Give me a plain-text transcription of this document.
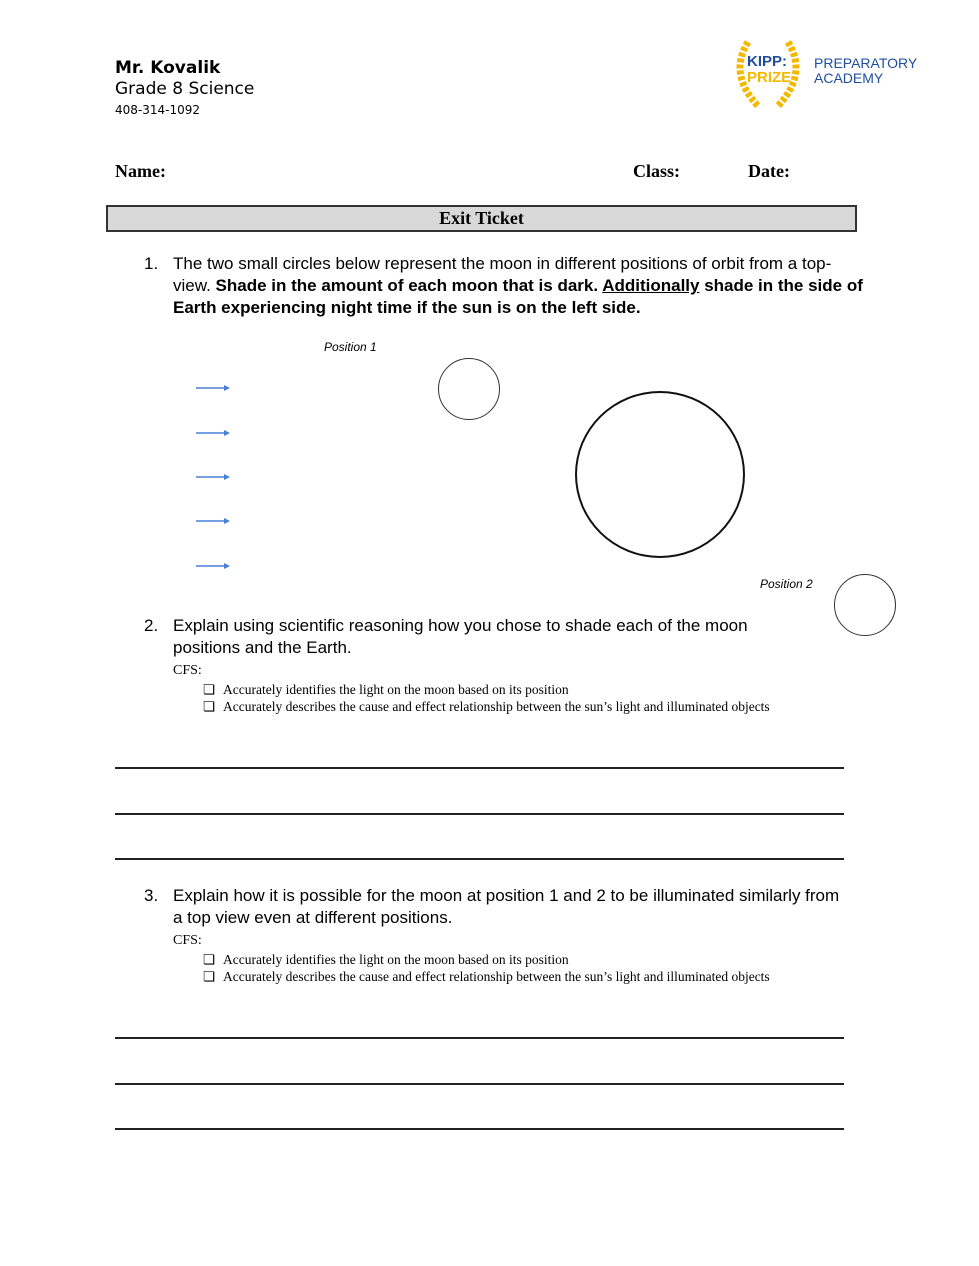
Mr. Kovalik
Grade 8 Science
408-314-1092
KIPP:
PRIZE
PREPARATORY
ACADEMY
Name:	Class:	Date:
Exit Ticket
1. The two small circles below represent the moon in different positions of orbit from a top-view. Shade in the amount of each moon that is dark. Additionally shade in the side of Earth experiencing night time if the sun is on the left side.
Position 1
Position 2
2. Explain using scientific reasoning how you chose to shade each of the moon positions and the Earth.
CFS:
❏ Accurately identifies the light on the moon based on its position
❏ Accurately describes the cause and effect relationship between the sun’s light and illuminated objects
3. Explain how it is possible for the moon at position 1 and 2 to be illuminated similarly from a top view even at different positions.
CFS:
❏ Accurately identifies the light on the moon based on its position
❏ Accurately describes the cause and effect relationship between the sun’s light and illuminated objects
